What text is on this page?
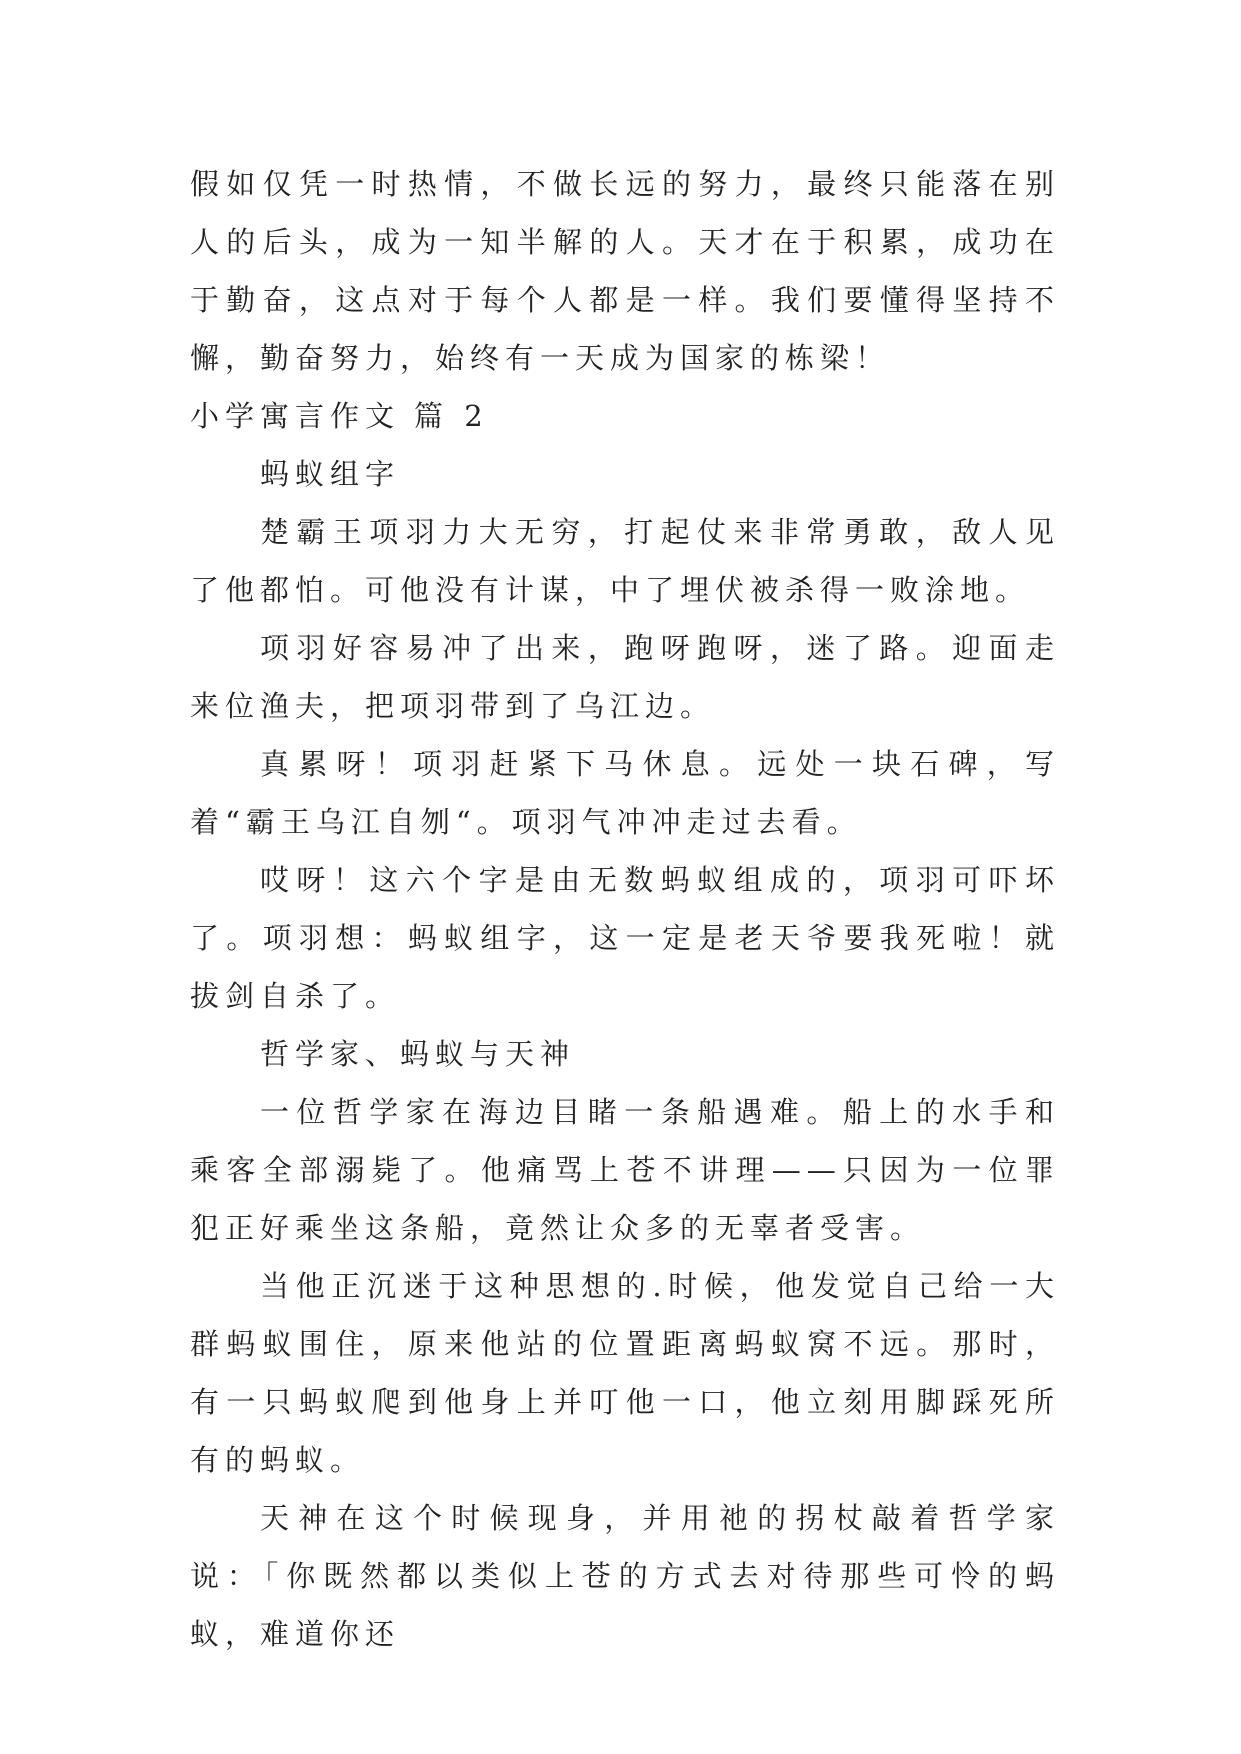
假如仅凭一时热情，不做长远的努力，最终只能落在别人的后头，成为一知半解的人。天才在于积累，成功在于勤奋，这点对于每个人都是一样。我们要懂得坚持不懈，勤奋努力，始终有一天成为国家的栋梁！

小学寓言作文 篇 2

蚂蚁组字

楚霸王项羽力大无穷，打起仗来非常勇敢，敌人见了他都怕。可他没有计谋，中了埋伏被杀得一败涂地。

项羽好容易冲了出来，跑呀跑呀，迷了路。迎面走来位渔夫，把项羽带到了乌江边。

真累呀！项羽赶紧下马休息。远处一块石碑，写着“霸王乌江自刎“。项羽气冲冲走过去看。

哎呀！这六个字是由无数蚂蚁组成的，项羽可吓坏了。项羽想：蚂蚁组字，这一定是老天爷要我死啦！就拔剑自杀了。

哲学家、蚂蚁与天神

一位哲学家在海边目睹一条船遇难。船上的水手和乘客全部溺毙了。他痛骂上苍不讲理——只因为一位罪犯正好乘坐这条船，竟然让众多的无辜者受害。

当他正沉迷于这种思想的.时候，他发觉自己给一大群蚂蚁围住，原来他站的位置距离蚂蚁窝不远。那时，有一只蚂蚁爬到他身上并叮他一口，他立刻用脚踩死所有的蚂蚁。

天神在这个时候现身，并用祂的拐杖敲着哲学家说：「你既然都以类似上苍的方式去对待那些可怜的蚂蚁，难道你还
